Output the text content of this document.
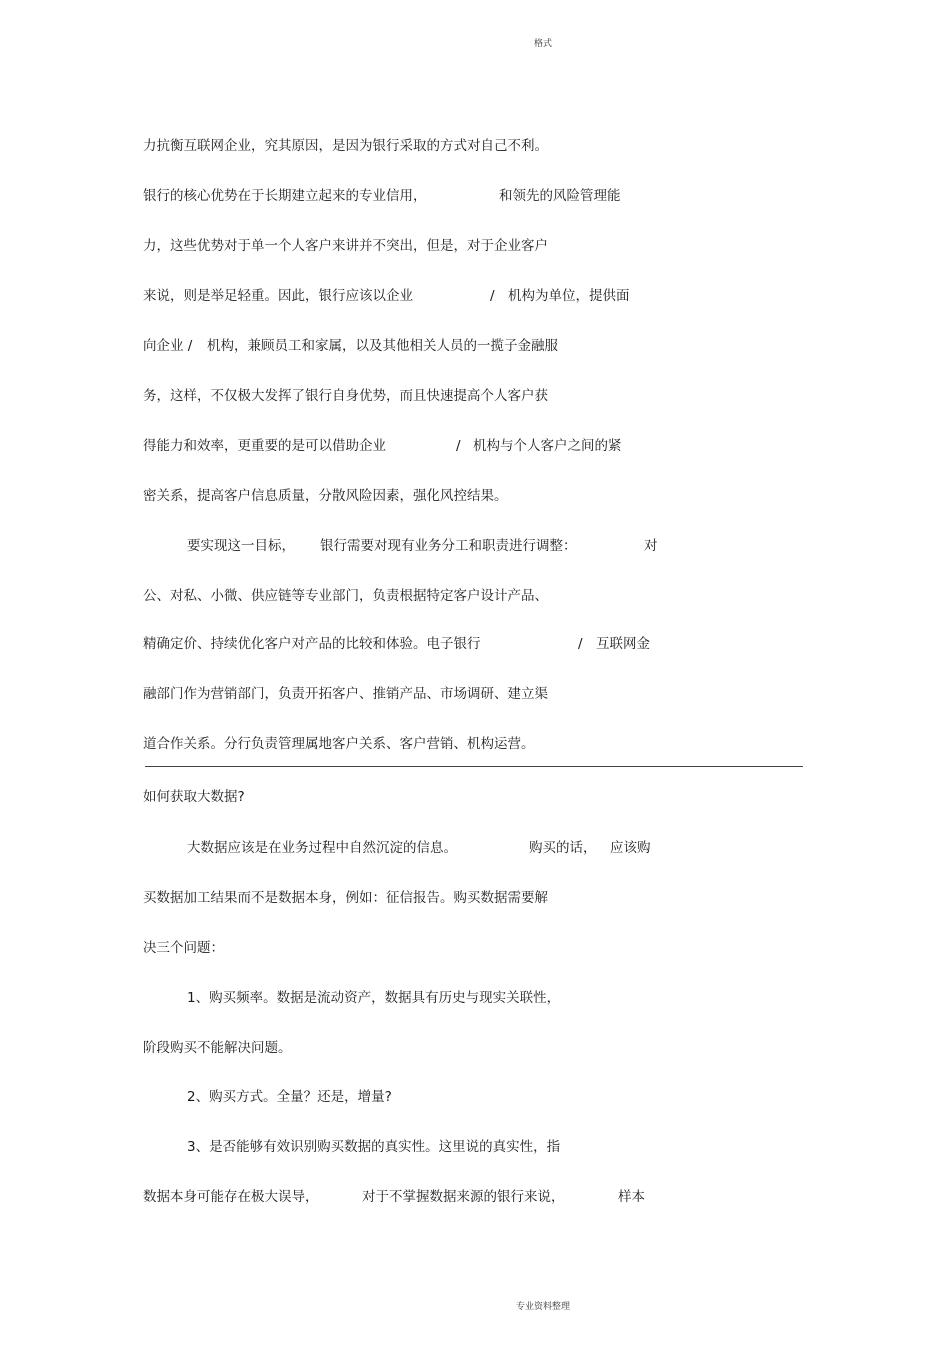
格式
力抗衡互联网企业，究其原因，是因为银行采取的方式对自己不利。
银行的核心优势在于长期建立起来的专业信用，	和领先的风险管理能
力，这些优势对于单一个人客户来讲并不突出，但是，对于企业客户
来说，则是举足轻重。因此，银行应该以企业	/ 机构为单位，提供面
向企业 / 机构，兼顾员工和家属，以及其他相关人员的一揽子金融服
务，这样，不仅极大发挥了银行自身优势，而且快速提高个人客户获
得能力和效率，更重要的是可以借助企业	/ 机构与个人客户之间的紧
密关系，提高客户信息质量，分散风险因素，强化风控结果。
要实现这一目标， 银行需要对现有业务分工和职责进行调整：	对
公、对私、小微、供应链等专业部门，负责根据特定客户设计产品、
精确定价、持续优化客户对产品的比较和体验。电子银行	/ 互联网金
融部门作为营销部门，负责开拓客户、推销产品、市场调研、建立渠
道合作关系。分行负责管理属地客户关系、客户营销、机构运营。
如何获取大数据?
大数据应该是在业务过程中自然沉淀的信息。	购买的话， 应该购
买数据加工结果而不是数据本身，例如：征信报告。购买数据需要解
决三个问题：
1、购买频率。数据是流动资产，数据具有历史与现实关联性，
阶段购买不能解决问题。
2、购买方式。全量？还是，增量?
3、是否能够有效识别购买数据的真实性。这里说的真实性，指
数据本身可能存在极大误导，	对于不掌握数据来源的银行来说，	样本
专业资料整理
